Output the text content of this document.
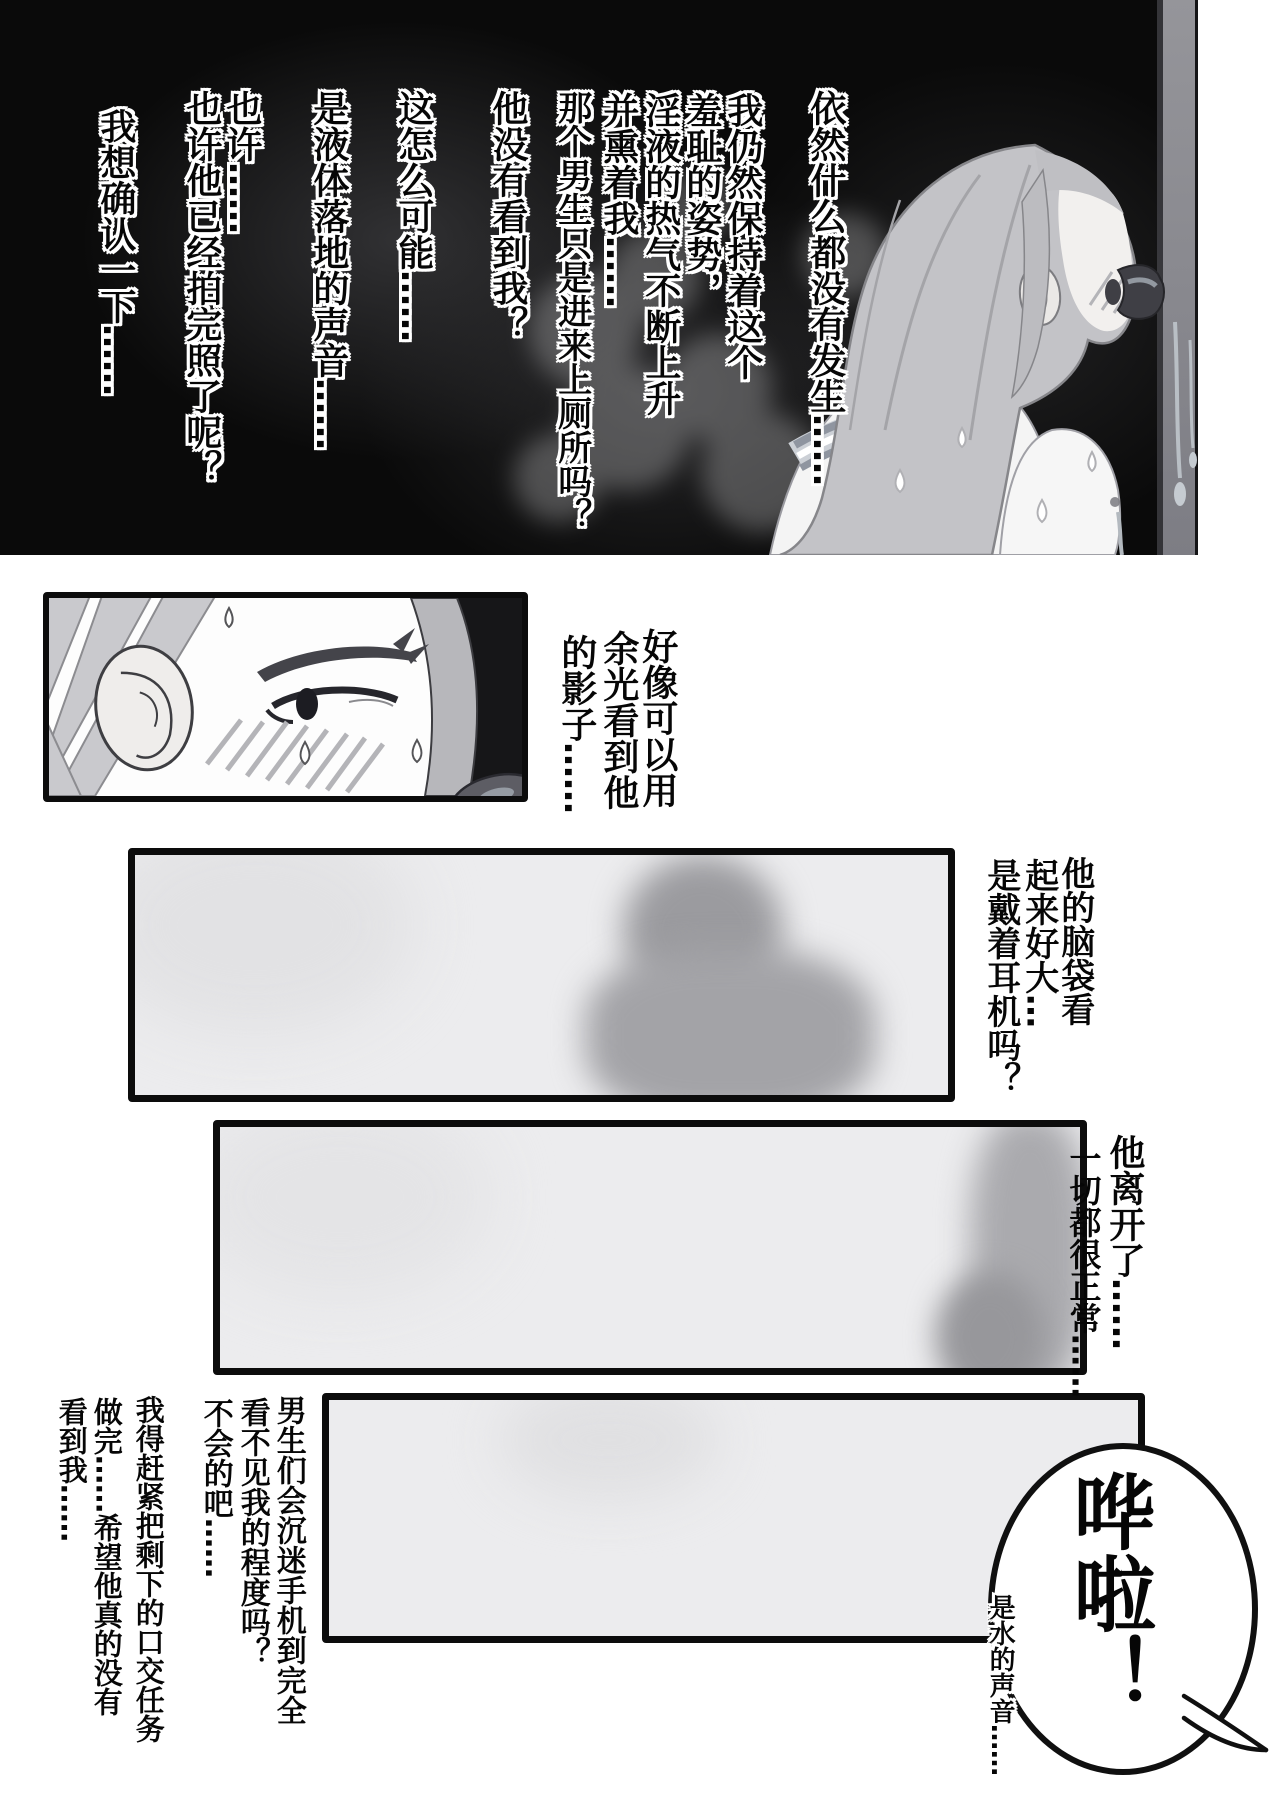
依然什么都没有发生……
我仍然保持着这个
羞耻的姿势，
淫液的热气不断上升
并熏着我……
那个男生只是进来上厕所吗？
他没有看到我？
这怎么可能……
是液体落地的声音……
也许……
也许他已经拍完照了呢？
我想确认一下……
好像可以用
余光看到他
的影子……
他的脑袋看
起来好大…
是戴着耳机吗？
他离开了……
一切都很正常……
男生们会沉迷手机到完全
看不见我的程度吗？
不会的吧……
我得赶紧把剩下的口交任务
做完……希望他真的没有
看到我……
哗啦！
是水的声音……
